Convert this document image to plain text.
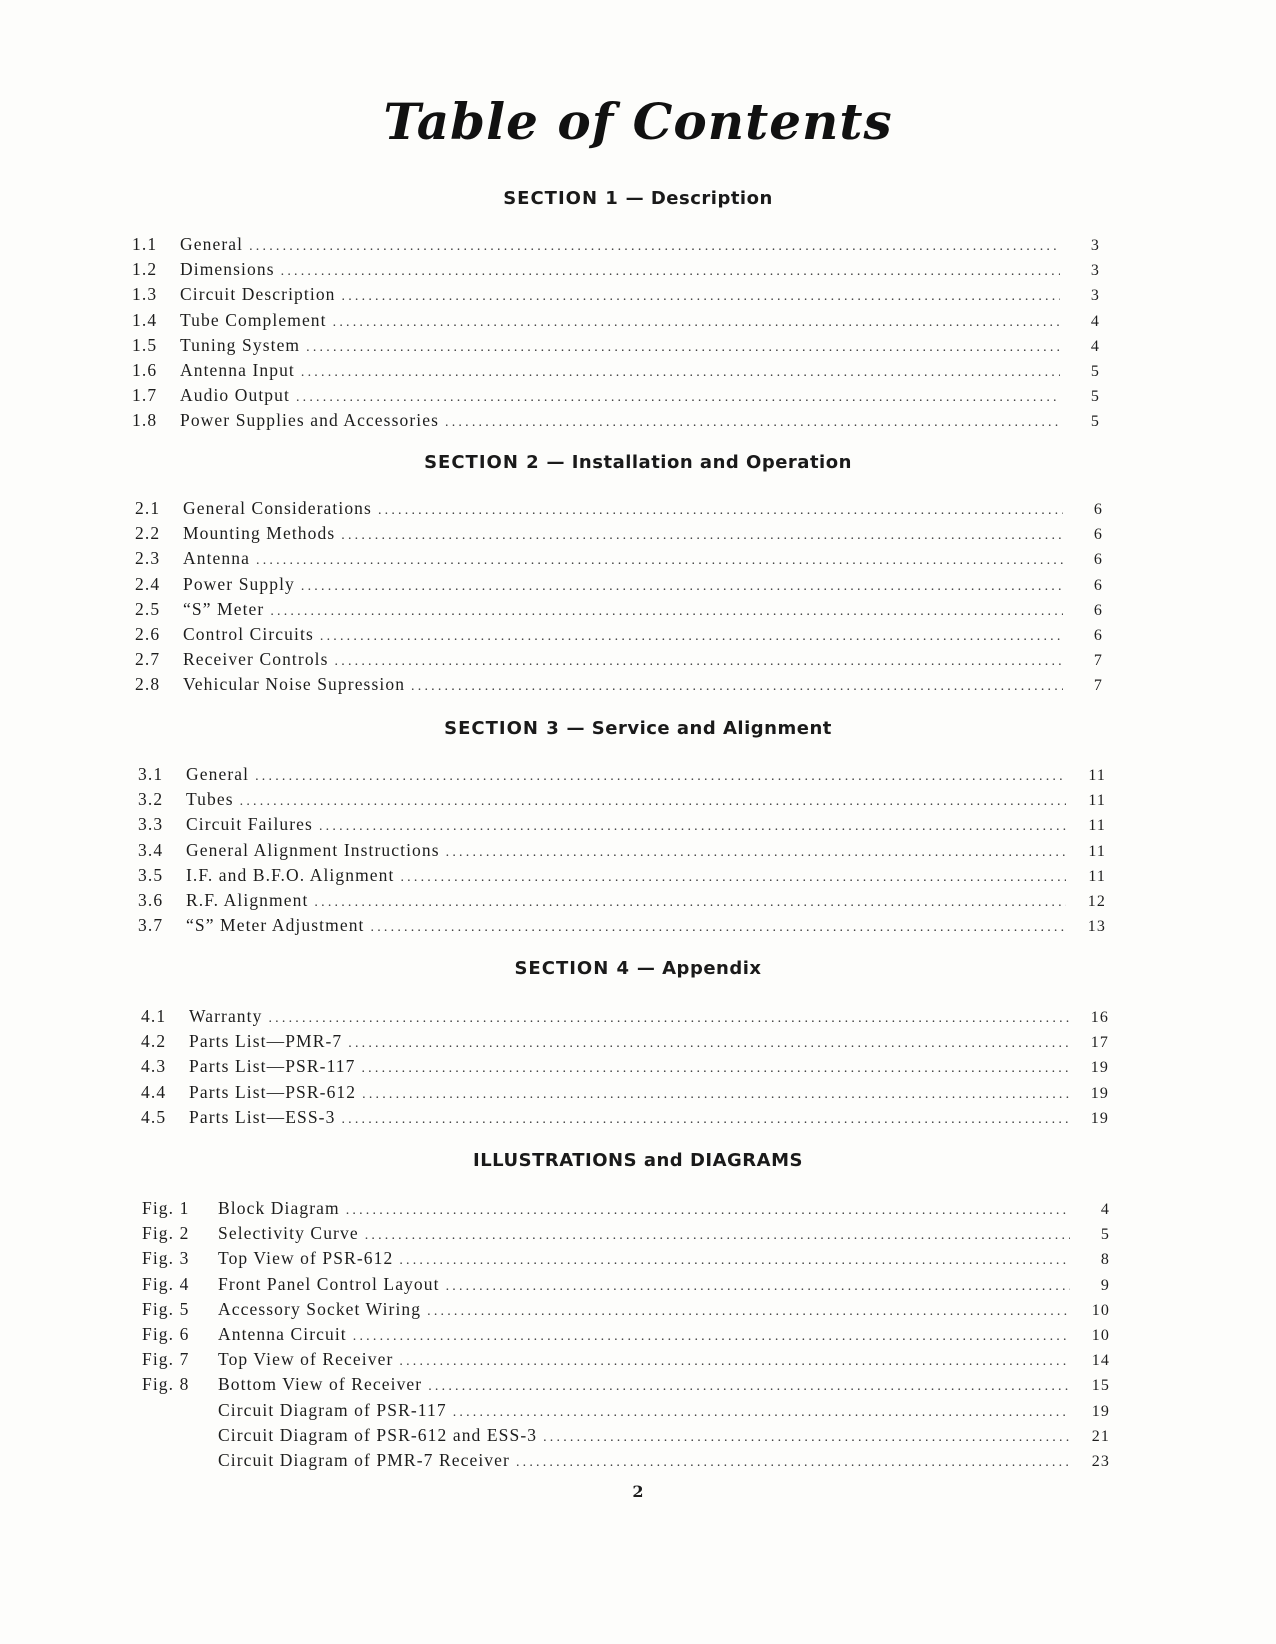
Table of Contents
SECTION 1 — Description
1.1	General .....	3
1.2	Dimensions .....	3
1.3	Circuit Description .....	3
1.4	Tube Complement .....	4
1.5	Tuning System .....	4
1.6	Antenna Input .....	5
1.7	Audio Output .....	5
1.8	Power Supplies and Accessories .....	5
SECTION 2 — Installation and Operation
2.1	General Considerations .....	6
2.2	Mounting Methods .....	6
2.3	Antenna .....	6
2.4	Power Supply .....	6
2.5	“S” Meter .....	6
2.6	Control Circuits .....	6
2.7	Receiver Controls .....	7
2.8	Vehicular Noise Supression .....	7
SECTION 3 — Service and Alignment
3.1	General .....	11
3.2	Tubes .....	11
3.3	Circuit Failures .....	11
3.4	General Alignment Instructions .....	11
3.5	I.F. and B.F.O. Alignment .....	11
3.6	R.F. Alignment .....	12
3.7	“S” Meter Adjustment .....	13
SECTION 4 — Appendix
4.1	Warranty .....	16
4.2	Parts List—PMR-7 .....	17
4.3	Parts List—PSR-117 .....	19
4.4	Parts List—PSR-612 .....	19
4.5	Parts List—ESS-3 .....	19
ILLUSTRATIONS and DIAGRAMS
Fig. 1	Block Diagram .....	4
Fig. 2	Selectivity Curve .....	5
Fig. 3	Top View of PSR-612 .....	8
Fig. 4	Front Panel Control Layout .....	9
Fig. 5	Accessory Socket Wiring .....	10
Fig. 6	Antenna Circuit .....	10
Fig. 7	Top View of Receiver .....	14
Fig. 8	Bottom View of Receiver .....	15
Circuit Diagram of PSR-117 .....	19
Circuit Diagram of PSR-612 and ESS-3 .....	21
Circuit Diagram of PMR-7 Receiver .....	23
2
